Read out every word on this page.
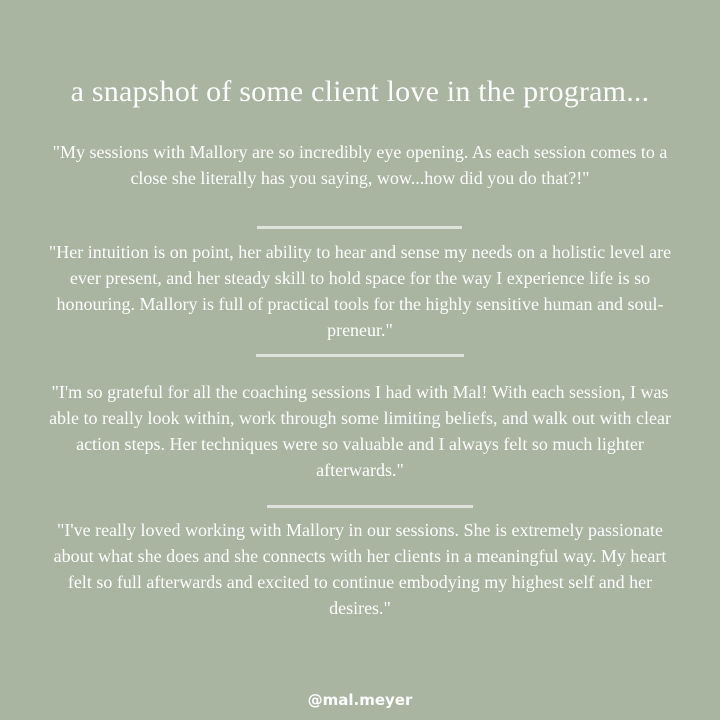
a snapshot of some client love in the program...
"My sessions with Mallory are so incredibly eye opening. As each session comes to a close she literally has you saying, wow...how did you do that?!"
"Her intuition is on point, her ability to hear and sense my needs on a holistic level are ever present, and her steady skill to hold space for the way I experience life is so honouring. Mallory is full of practical tools for the highly sensitive human and soul- preneur."
"I'm so grateful for all the coaching sessions I had with Mal! With each session, I was able to really look within, work through some limiting beliefs, and walk out with clear action steps. Her techniques were so valuable and I always felt so much lighter afterwards."
"I've really loved working with Mallory in our sessions. She is extremely passionate about what she does and she connects with her clients in a meaningful way. My heart felt so full afterwards and excited to continue embodying my highest self and her desires."
@mal.meyer
